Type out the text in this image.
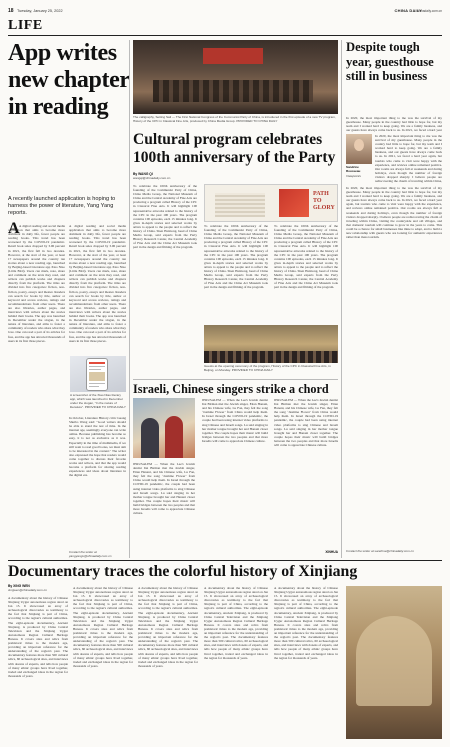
18 Tuesday, January 25, 2022	CHINA DAILY
chinadaily.com.cn
LIFE
App writes new chapter in reading
A recently launched application is hoping to harness the power of literature, Yang Yang reports.
A A digital reading and social media application that aims to become more dominant in daily life, fewer people are reading books. This trend has been worsened by the COVID-19 pandemic. Retail book sales dropped by 3.06 percent in 2021, the first fall in two decades. However, at the start of the year, at least 17 newspapers around the country ran stories about a new reading app, launched by Beijing-based Literature app Xiao Niao (Little Bird). Users can mark, note, share and comment on the texts they read, and writers can publish works and chapters directly from the platform. The titles are divided into five categories: fiction, non-fiction, poetry, essays and theater. Readers can search for books by title, author or keyword and access reviews, ratings and recommendations from other users. There are also libraries, author pages, and interviews with writers about the stories behind their books. The app was launched in December under the slogan, in the nature of literature, and aims to foster a community of readers who share what they love. One can read a part of its articles for free, and the app has attracted thousands of users in its first three pieces.
A digital reading and social media application that aims to become more dominant in daily life, fewer people are reading books. This trend has been worsened by the COVID-19 pandemic. Retail book sales dropped by 3.06 percent in 2021, the first fall in two decades. However, at the start of the year, at least 17 newspapers around the country ran stories about a new reading app, launched by Beijing-based Literature app Xiao Niao (Little Bird). Users can mark, note, share and comment on the texts they read, and writers can publish works and chapters directly from the platform. The titles are divided into five categories: fiction, non-fiction, poetry, essays and theater. Readers can search for books by title, author or keyword and access reviews, ratings and recommendations from other users. There are also libraries, author pages, and interviews with writers about the stories behind their books. The app was launched in December under the slogan, in the nature of literature, and aims to foster a community of readers who share what they love. One can read a part of its articles for free, and the app has attracted thousands of users in its first three pieces.
A screenshot of the Xiao Niao literary app, which was launched in December under the slogan, "In the nature of literature". PROVIDED TO CHINA DAILY
In October, Literature History critic Guang Shuibo Wang said: "Good writers should be able to stand the test of time. In the internet age, seemingly everyone can write online. Because publishing has become so easy, it is not as exclusive as it was. Especially in the time of multimedia, if we still want to read good books, we must aim to be interested in the content." The writer also expressed the hope that readers would come together to discuss their favorite works and writers, and that the app would become a platform for sharing reading experiences and ideas about literature in the digital era.
Contact the writer at yangyangs@chinadaily.com.cn
The calligraphy, Setting Sail — The First National Congress of the Communist Party of China, is introduced in the first episode of a new TV program, History of the CPC in Classical Fine Arts, produced by China Media Group. PROVIDED TO CHINA DAILY
Cultural program celebrates 100th anniversary of the Party
By WANG QI
wangqi@chinadaily.com.cn
To celebrate the 100th anniversary of the founding of the Communist Party of China, China Media Group, the National Museum of China and the Central Academy of Fine Arts are producing a program called History of the CPC in Classical Fine Arts. It will highlight 100 representative artworks related to the history of the CPC in the past 100 years. The program contains 100 episodes, each 15 minutes long. It gives in-depth stories and selected works by artists to appeal to the people and to reflect the history of China. Shen Haixiong, head of China Media Group, said experts from the Party History Research Center, the Central Academy of Fine Arts and the China Art Museum took part in the design and filming of the program.
To celebrate the 100th anniversary of the founding of the Communist Party of China, China Media Group, the National Museum of China and the Central Academy of Fine Arts are producing a program called History of the CPC in Classical Fine Arts. It will highlight 100 representative artworks related to the history of the CPC in the past 100 years. The program contains 100 episodes, each 15 minutes long. It gives in-depth stories and selected works by artists to appeal to the people and to reflect the history of China. Shen Haixiong, head of China Media Group, said experts from the Party History Research Center, the Central Academy of Fine Arts and the China Art Museum took part in the design and filming of the program.
To celebrate the 100th anniversary of the founding of the Communist Party of China, China Media Group, the National Museum of China and the Central Academy of Fine Arts are producing a program called History of the CPC in Classical Fine Arts. It will highlight 100 representative artworks related to the history of the CPC in the past 100 years. The program contains 100 episodes, each 15 minutes long. It gives in-depth stories and selected works by artists to appeal to the people and to reflect the history of China. Shen Haixiong, head of China Media Group, said experts from the Party History Research Center, the Central Academy of Fine Arts and the China Art Museum took part in the design and filming of the program.
PATH TO GLORY
Guests at the opening ceremony of the program, History of the CPC in Classical Fine Arts, in Beijing, on Monday. PROVIDED TO CHINA DAILY
Israeli, Chinese singers strike a chord
JERUSALEM — When the Lee's Jewish dentist Itai Birman met the Jewish singer, Eitan Hanani, and his Chinese wife, Lu Fan, they felt the song ‘Jasmine Flower’ from China would help them. In Israel through the COVID-19 pandemic, the couple had been using internet video platforms to sing Chinese and Israeli songs. Lu said singing in her mother tongue brought her and Hanani closer together. The couple hopes their music will build bridges between the two peoples and that more Israelis will come to appreciate Chinese culture.
JERUSALEM — When the Lee's Jewish dentist Itai Birman met the Jewish singer, Eitan Hanani, and his Chinese wife, Lu Fan, they felt the song ‘Jasmine Flower’ from China would help them. In Israel through the COVID-19 pandemic, the couple had been using internet video platforms to sing Chinese and Israeli songs. Lu said singing in her mother tongue brought her and Hanani closer together. The couple hopes their music will build bridges between the two peoples and that more Israelis will come to appreciate Chinese culture.
JERUSALEM — When the Lee's Jewish dentist Itai Birman met the Jewish singer, Eitan Hanani, and his Chinese wife, Lu Fan, they felt the song ‘Jasmine Flower’ from China would help them. In Israel through the COVID-19 pandemic, the couple had been using internet video platforms to sing Chinese and Israeli songs. Lu said singing in her mother tongue brought her and Hanani closer together. The couple hopes their music will build bridges between the two peoples and that more Israelis will come to appreciate Chinese culture.
XINHUA
Despite tough year, guesthouse still in business
In 2020, the most important thing to me was the survival of my guesthouse. Many people in the country had little to hope for, but my team and I worked hard to keep going. We are a family business, and our guests have always come back to us. In 2021, we faced a hard year
Sandrine Rousseau
Viewpoints
In 2020, the most important thing to me was the survival of my guesthouse. Many people in the country had little to hope for, but my team and I worked hard to keep going. We are a family business, and our guests have always come back to us. In 2021, we faced a hard year again, but tourists who came to visit were happy with the experience, and reviews online remained positive. Our rooms are always full at weekends and during holidays, even though the number of foreign visitors dropped sharply. I believe people are rediscovering the charm of traveling within China,
In 2020, the most important thing to me was the survival of my guesthouse. Many people in the country had little to hope for, but my team and I worked hard to keep going. We are a family business, and our guests have always come back to us. In 2021, we faced a hard year again, but tourists who came to visit were happy with the experience, and reviews online remained positive. Our rooms are always full at weekends and during holidays, even though the number of foreign visitors dropped sharply. I believe people are rediscovering the charm of traveling within China, visiting the countryside and old villages, and that domestic tourism will continue to grow in the years to come. This could be a chance for small businesses like mine to adapt, and to build a new relationship with guests who are looking for authentic experiences rather than mass tourism.
Contact the writer at sandrine@chinadaily.com.cn
Documentary traces the colorful history of Xinjiang
By XING WEN
xingwen@chinadaily.com.cn
A documentary about the history of Chinese Xinjiang Uygur autonomous region aired on Jan 15. It showcased an array of archaeological discoveries as testimony to the fact that Xinjiang is part of China, according to the region's cultural authorities. The eight-episode documentary, Ancient Xinjiang, is produced by China Central Television and the Xinjiang Uygur Autonomous Region Cultural Heritage Bureau. It covers sites and relics from prehistoric times to the modern age, providing an important reference for the understanding of the region's past. The documentary features more than 500 cultural relics, 60 archaeological sites, and interviews with dozens of experts, and tells how people of many ethnic groups have lived together, traded and exchanged ideas in the region for thousands of years.
A documentary about the history of Chinese Xinjiang Uygur autonomous region aired on Jan 15. It showcased an array of archaeological discoveries as testimony to the fact that Xinjiang is part of China, according to the region's cultural authorities. The eight-episode documentary, Ancient Xinjiang, is produced by China Central Television and the Xinjiang Uygur Autonomous Region Cultural Heritage Bureau. It covers sites and relics from prehistoric times to the modern age, providing an important reference for the understanding of the region's past. The documentary features more than 500 cultural relics, 60 archaeological sites, and interviews with dozens of experts, and tells how people of many ethnic groups have lived together, traded and exchanged ideas in the region for thousands of years.
A documentary about the history of Chinese Xinjiang Uygur autonomous region aired on Jan 15. It showcased an array of archaeological discoveries as testimony to the fact that Xinjiang is part of China, according to the region's cultural authorities. The eight-episode documentary, Ancient Xinjiang, is produced by China Central Television and the Xinjiang Uygur Autonomous Region Cultural Heritage Bureau. It covers sites and relics from prehistoric times to the modern age, providing an important reference for the understanding of the region's past. The documentary features more than 500 cultural relics, 60 archaeological sites, and interviews with dozens of experts, and tells how people of many ethnic groups have lived together, traded and exchanged ideas in the region for thousands of years.
A documentary about the history of Chinese Xinjiang Uygur autonomous region aired on Jan 15. It showcased an array of archaeological discoveries as testimony to the fact that Xinjiang is part of China, according to the region's cultural authorities. The eight-episode documentary, Ancient Xinjiang, is produced by China Central Television and the Xinjiang Uygur Autonomous Region Cultural Heritage Bureau. It covers sites and relics from prehistoric times to the modern age, providing an important reference for the understanding of the region's past. The documentary features more than 500 cultural relics, 60 archaeological sites, and interviews with dozens of experts, and tells how people of many ethnic groups have lived together, traded and exchanged ideas in the region for thousands of years.
A documentary about the history of Chinese Xinjiang Uygur autonomous region aired on Jan 15. It showcased an array of archaeological discoveries as testimony to the fact that Xinjiang is part of China, according to the region's cultural authorities. The eight-episode documentary, Ancient Xinjiang, is produced by China Central Television and the Xinjiang Uygur Autonomous Region Cultural Heritage Bureau. It covers sites and relics from prehistoric times to the modern age, providing an important reference for the understanding of the region's past. The documentary features more than 500 cultural relics, 60 archaeological sites, and interviews with dozens of experts, and tells how people of many ethnic groups have lived together, traded and exchanged ideas in the region for thousands of years.
